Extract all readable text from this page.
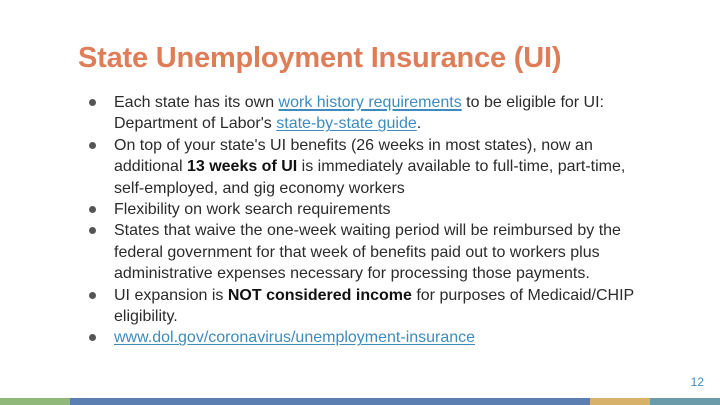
State Unemployment Insurance (UI)
Each state has its own work history requirements to be eligible for UI: Department of Labor's state-by-state guide.
On top of your state's UI benefits (26 weeks in most states), now an additional 13 weeks of UI is immediately available to full-time, part-time, self-employed, and gig economy workers
Flexibility on work search requirements
States that waive the one-week waiting period will be reimbursed by the federal government for that week of benefits paid out to workers plus administrative expenses necessary for processing those payments.
UI expansion is NOT considered income for purposes of Medicaid/CHIP eligibility.
www.dol.gov/coronavirus/unemployment-insurance
12
